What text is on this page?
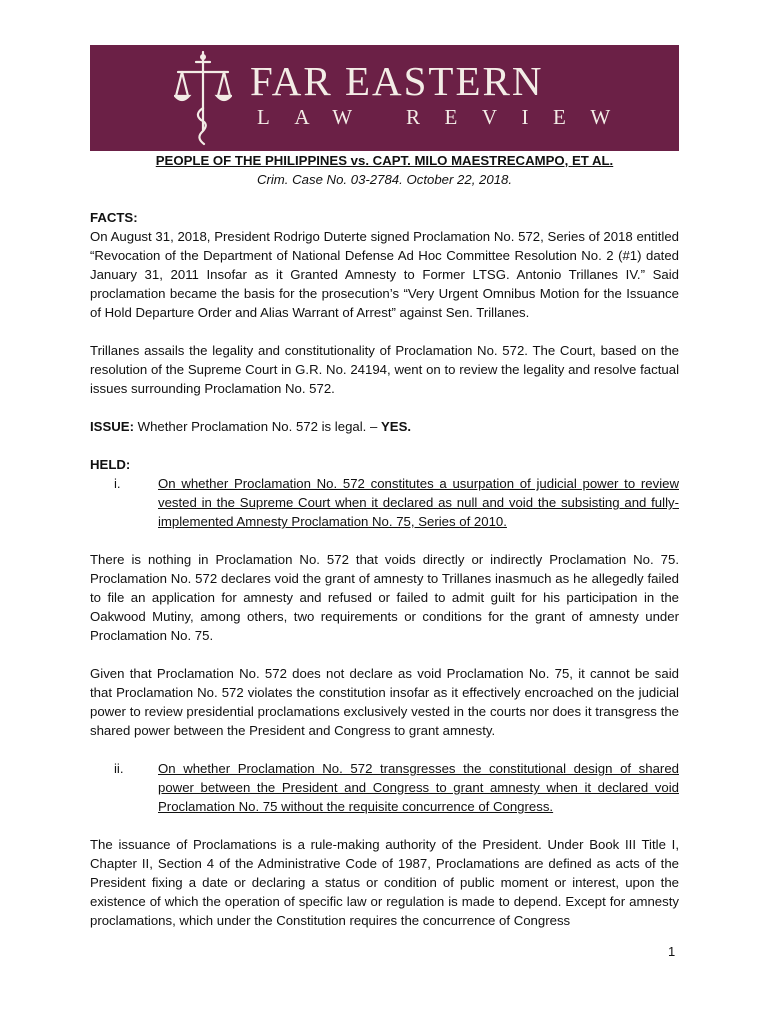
FAR EASTERN
LAW REVIEW
PEOPLE OF THE PHILIPPINES vs. CAPT. MILO MAESTRECAMPO, ET AL.
Crim. Case No. 03-2784. October 22, 2018.
FACTS:

On August 31, 2018, President Rodrigo Duterte signed Proclamation No. 572, Series of 2018 entitled “Revocation of the Department of National Defense Ad Hoc Committee Resolution No. 2 (#1) dated January 31, 2011 Insofar as it Granted Amnesty to Former LTSG. Antonio Trillanes IV.” Said proclamation became the basis for the prosecution’s “Very Urgent Omnibus Motion for the Issuance of Hold Departure Order and Alias Warrant of Arrest” against Sen. Trillanes.

Trillanes assails the legality and constitutionality of Proclamation No. 572. The Court, based on the resolution of the Supreme Court in G.R. No. 24194, went on to review the legality and resolve factual issues surrounding Proclamation No. 572.

ISSUE: Whether Proclamation No. 572 is legal. – YES.

HELD:
i.	On whether Proclamation No. 572 constitutes a usurpation of judicial power to review vested in the Supreme Court when it declared as null and void the subsisting and fully-implemented Amnesty Proclamation No. 75, Series of 2010.

There is nothing in Proclamation No. 572 that voids directly or indirectly Proclamation No. 75. Proclamation No. 572 declares void the grant of amnesty to Trillanes inasmuch as he allegedly failed to file an application for amnesty and refused or failed to admit guilt for his participation in the Oakwood Mutiny, among others, two requirements or conditions for the grant of amnesty under Proclamation No. 75.

Given that Proclamation No. 572 does not declare as void Proclamation No. 75, it cannot be said that Proclamation No. 572 violates the constitution insofar as it effectively encroached on the judicial power to review presidential proclamations exclusively vested in the courts nor does it transgress the shared power between the President and Congress to grant amnesty.

ii.	On whether Proclamation No. 572 transgresses the constitutional design of shared power between the President and Congress to grant amnesty when it declared void Proclamation No. 75 without the requisite concurrence of Congress.

The issuance of Proclamations is a rule-making authority of the President. Under Book III Title I, Chapter II, Section 4 of the Administrative Code of 1987, Proclamations are defined as acts of the President fixing a date or declaring a status or condition of public moment or interest, upon the existence of which the operation of specific law or regulation is made to depend. Except for amnesty proclamations, which under the Constitution requires the concurrence of Congress

1
